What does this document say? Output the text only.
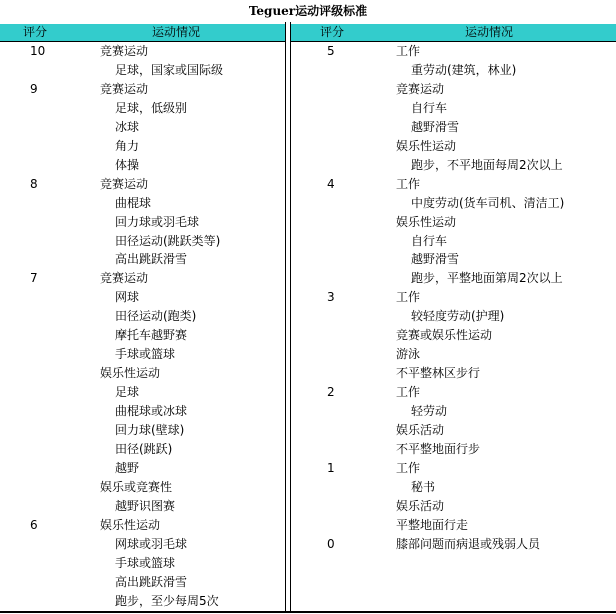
Teguer运动评级标准
评分	运动情况
10	竞赛运动
足球，国家或国际级
9	竞赛运动
足球，低级别
冰球
角力
体操
8	竞赛运动
曲棍球
回力球或羽毛球
田径运动(跳跃类等)
高出跳跃滑雪
7	竞赛运动
网球
田径运动(跑类)
摩托车越野赛
手球或篮球
娱乐性运动
足球
曲棍球或冰球
回力球(壁球)
田径(跳跃)
越野
娱乐或竞赛性
越野识图赛
6	娱乐性运动
网球或羽毛球
手球或篮球
高出跳跃滑雪
跑步，至少每周5次
评分	运动情况
5	工作
重劳动(建筑，林业)
竞赛运动
自行车
越野滑雪
娱乐性运动
跑步，不平地面每周2次以上
4	工作
中度劳动(货车司机、清洁工)
娱乐性运动
自行车
越野滑雪
跑步，平整地面第周2次以上
3	工作
较轻度劳动(护理)
竞赛或娱乐性运动
游泳
不平整林区步行
2	工作
轻劳动
娱乐活动
不平整地面行步
1	工作
秘书
娱乐活动
平整地面行走
0	膝部问题而病退或残弱人员
